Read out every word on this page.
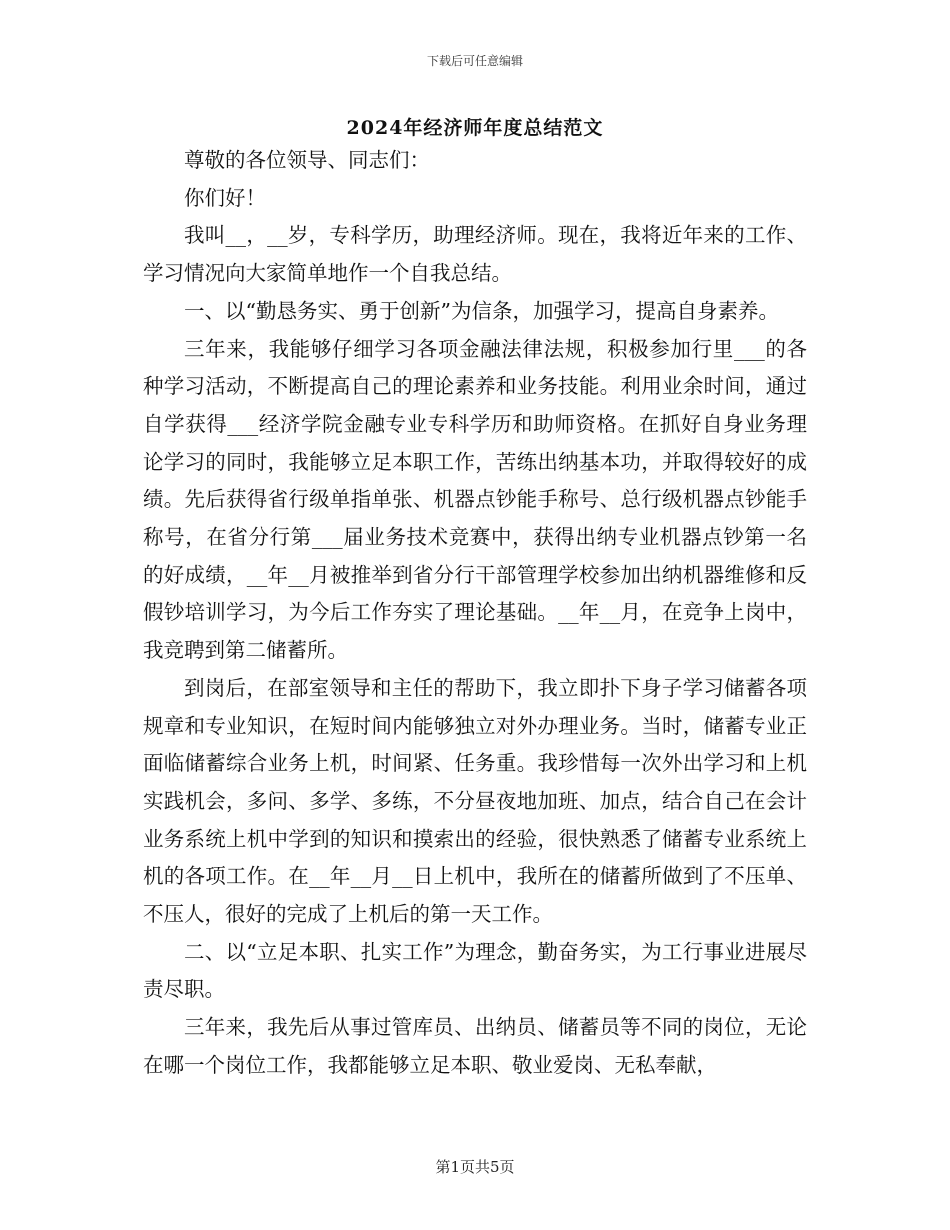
下载后可任意编辑
2024年经济师年度总结范文

尊敬的各位领导、同志们：

你们好！

我叫__，__岁，专科学历，助理经济师。现在，我将近年来的工作、学习情况向大家简单地作一个自我总结。

一、以“勤恳务实、勇于创新”为信条，加强学习，提高自身素养。

三年来，我能够仔细学习各项金融法律法规，积极参加行里___的各种学习活动，不断提高自己的理论素养和业务技能。利用业余时间，通过自学获得___经济学院金融专业专科学历和助师资格。在抓好自身业务理论学习的同时，我能够立足本职工作，苦练出纳基本功，并取得较好的成绩。先后获得省行级单指单张、机器点钞能手称号、总行级机器点钞能手称号，在省分行第___届业务技术竞赛中，获得出纳专业机器点钞第一名的好成绩，__年__月被推举到省分行干部管理学校参加出纳机器维修和反假钞培训学习，为今后工作夯实了理论基础。__年__月，在竞争上岗中，我竞聘到第二储蓄所。

到岗后，在部室领导和主任的帮助下，我立即扑下身子学习储蓄各项规章和专业知识，在短时间内能够独立对外办理业务。当时，储蓄专业正面临储蓄综合业务上机，时间紧、任务重。我珍惜每一次外出学习和上机实践机会，多问、多学、多练，不分昼夜地加班、加点，结合自己在会计业务系统上机中学到的知识和摸索出的经验，很快熟悉了储蓄专业系统上机的各项工作。在__年__月__日上机中，我所在的储蓄所做到了不压单、不压人，很好的完成了上机后的第一天工作。

二、以“立足本职、扎实工作”为理念，勤奋务实，为工行事业进展尽责尽职。

三年来，我先后从事过管库员、出纳员、储蓄员等不同的岗位，无论在哪一个岗位工作，我都能够立足本职、敬业爱岗、无私奉献，

第1页共5页
